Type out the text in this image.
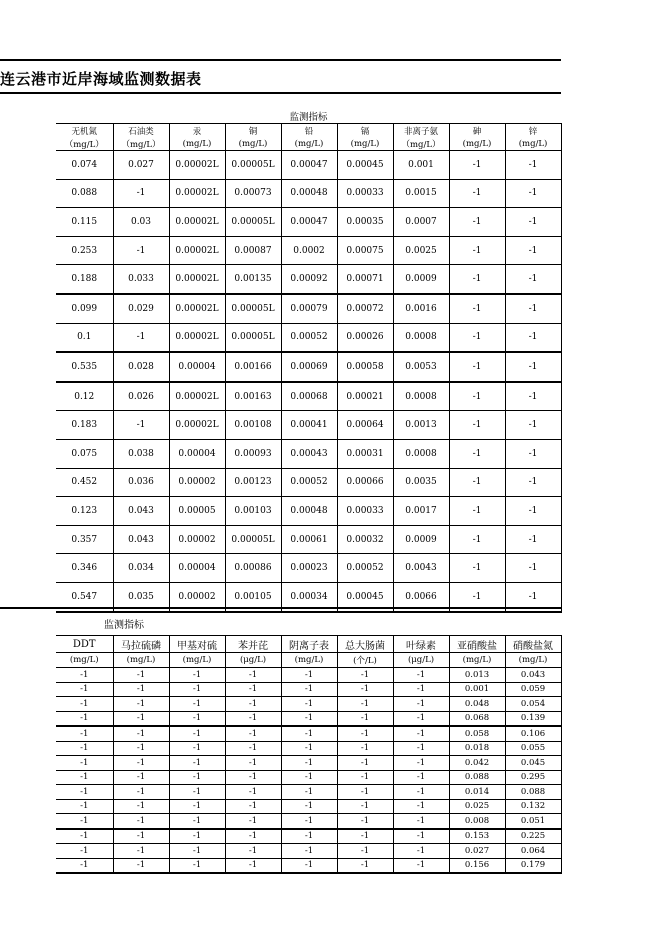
连云港市近岸海域监测数据表
监测指标								
无机氮	石油类	汞	铜	铅	镉	非离子氨	砷	锌
（mg/L）	（mg/L）	(mg/L)	(mg/L)	(mg/L)	(mg/L)	（mg/L）	(mg/L)	(mg/L)
0.074	0.027	0.00002L	0.00005L	0.00047	0.00045	0.001	-1	-1
0.088	-1	0.00002L	0.00073	0.00048	0.00033	0.0015	-1	-1
0.115	0.03	0.00002L	0.00005L	0.00047	0.00035	0.0007	-1	-1
0.253	-1	0.00002L	0.00087	0.0002	0.00075	0.0025	-1	-1
0.188	0.033	0.00002L	0.00135	0.00092	0.00071	0.0009	-1	-1
0.099	0.029	0.00002L	0.00005L	0.00079	0.00072	0.0016	-1	-1
0.1	-1	0.00002L	0.00005L	0.00052	0.00026	0.0008	-1	-1
0.535	0.028	0.00004	0.00166	0.00069	0.00058	0.0053	-1	-1
0.12	0.026	0.00002L	0.00163	0.00068	0.00021	0.0008	-1	-1
0.183	-1	0.00002L	0.00108	0.00041	0.00064	0.0013	-1	-1
0.075	0.038	0.00004	0.00093	0.00043	0.00031	0.0008	-1	-1
0.452	0.036	0.00002	0.00123	0.00052	0.00066	0.0035	-1	-1
0.123	0.043	0.00005	0.00103	0.00048	0.00033	0.0017	-1	-1
0.357	0.043	0.00002	0.00005L	0.00061	0.00032	0.0009	-1	-1
0.346	0.034	0.00004	0.00086	0.00023	0.00052	0.0043	-1	-1
0.547	0.035	0.00002	0.00105	0.00034	0.00045	0.0066	-1	-1
监测指标
DDT	马拉硫磷	甲基对硫	苯并芘	阴离子表	总大肠菌	叶绿素	亚硝酸盐	硝酸盐氮
(mg/L)	(mg/L)	(mg/L)	(μg/L)	(mg/L)	(个/L)	(μg/L)	(mg/L)	(mg/L)
-1	-1	-1	-1	-1	-1	-1	0.013	0.043
-1	-1	-1	-1	-1	-1	-1	0.001	0.059
-1	-1	-1	-1	-1	-1	-1	0.048	0.054
-1	-1	-1	-1	-1	-1	-1	0.068	0.139
-1	-1	-1	-1	-1	-1	-1	0.058	0.106
-1	-1	-1	-1	-1	-1	-1	0.018	0.055
-1	-1	-1	-1	-1	-1	-1	0.042	0.045
-1	-1	-1	-1	-1	-1	-1	0.088	0.295
-1	-1	-1	-1	-1	-1	-1	0.014	0.088
-1	-1	-1	-1	-1	-1	-1	0.025	0.132
-1	-1	-1	-1	-1	-1	-1	0.008	0.051
-1	-1	-1	-1	-1	-1	-1	0.153	0.225
-1	-1	-1	-1	-1	-1	-1	0.027	0.064
-1	-1	-1	-1	-1	-1	-1	0.156	0.179
